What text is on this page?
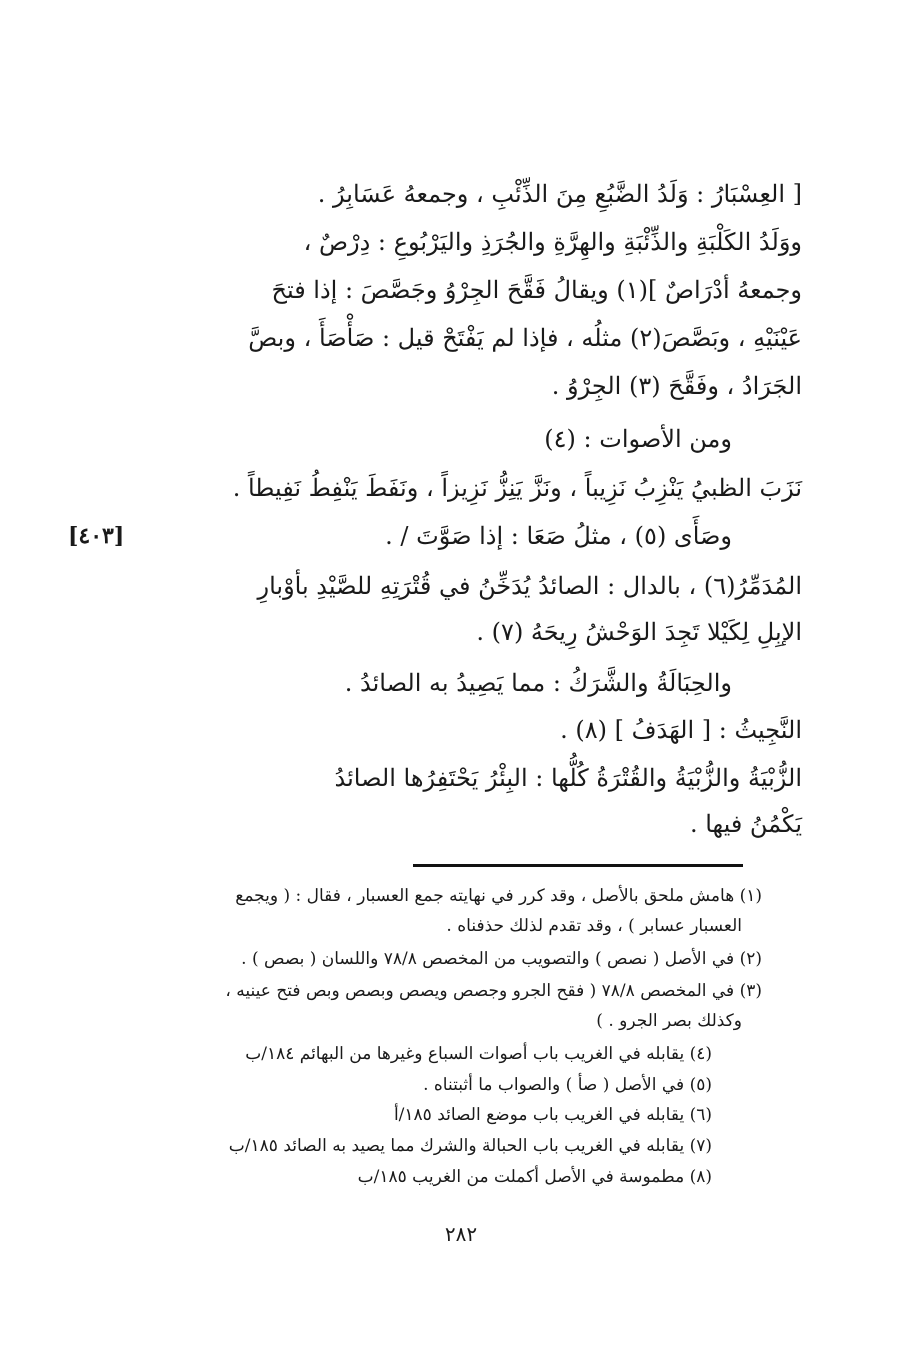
[ العِسْبَارُ : وَلَدُ الضَّبُعِ مِنَ الذِّئْبِ ، وجمعهُ عَسَابِرُ .
ووَلَدُ الكَلْبَةِ والذِّئْبَةِ والهِرَّةِ والجُرَذِ واليَرْبُوعِ : دِرْصٌ ،
وجمعهُ أدْرَاصٌ ](١) ويقالُ فَقَّحَ الجِرْوُ وجَصَّصَ : إذا فتحَ
عَيْنَيْهِ ، وبَصَّصَ(٢) مثلُه ، فإذا لم يَفْتَحْ قيل : صَأْصَأَ ، وبصَّ
الجَرَادُ ، وفَقَّحَ (٣) الجِرْوُ .
ومن الأصوات : (٤)
نَزَبَ الظبيُ يَنْزِبُ نَزِيباً ، ونَزَّ يَنِزُّ نَزِيزاً ، ونَفَطَ يَنْفِطُ نَفِيطاً .
وصَأَى (٥) ، مثلُ صَعَا : إذا صَوَّتَ / .
[٤٠٣]
المُدَمِّرُ(٦) ، بالدال : الصائدُ يُدَخِّنُ في قُتْرَتِهِ للصَّيْدِ بأوْبارِ
الإبِلِ لِكَيْلا تَجِدَ الوَحْشُ رِيحَهُ (٧) .
والحِبَالَةُ والشَّرَكُ : مما يَصِيدُ به الصائدُ .
النَّجِيثُ : [ الهَدَفُ ] (٨) .
الزُّبْيَةُ والزُّبْيَةُ والقُتْرَةُ كُلُّها : البِئْرُ يَحْتَفِرُها الصائدُ
يَكْمُنُ فيها .
(١) هامش ملحق بالأصل ، وقد كرر في نهايته جمع العسبار ، فقال : ( ويجمع
العسبار عسابر ) ، وقد تقدم لذلك حذفناه .
(٢) في الأصل ( نصص ) والتصويب من المخصص ٧٨/٨ واللسان ( بصص ) .
(٣) في المخصص ٧٨/٨ ( فقح الجرو وجصص ويصص وبصص وبص فتح عينيه ،
وكذلك بصر الجرو . )
(٤) يقابله في الغريب باب أصوات السباع وغيرها من البهائم ١٨٤/ب
(٥) في الأصل ( صأ ) والصواب ما أثبتناه .
(٦) يقابله في الغريب باب موضع الصائد ١٨٥/أ
(٧) يقابله في الغريب باب الحبالة والشرك مما يصيد به الصائد ١٨٥/ب
(٨) مطموسة في الأصل أكملت من الغريب ١٨٥/ب
٢٨٢
